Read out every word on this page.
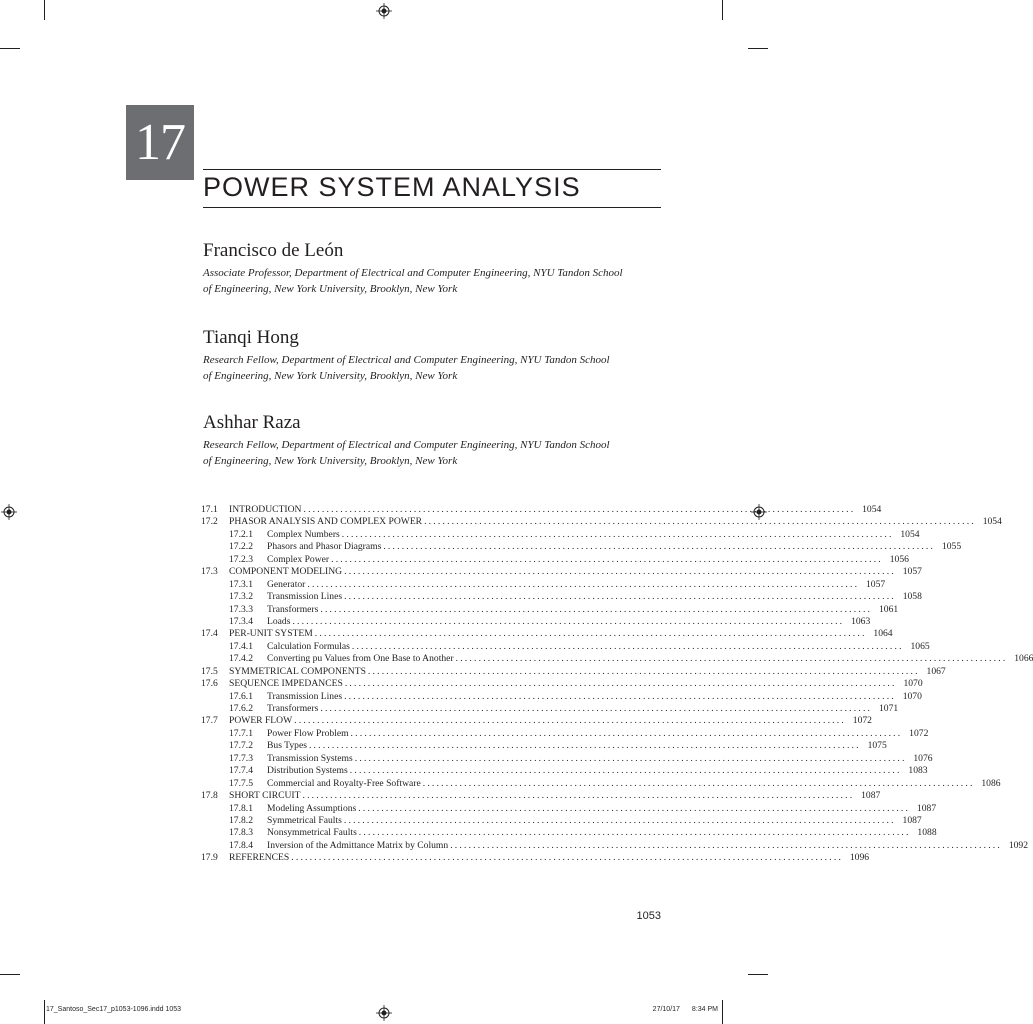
17
POWER SYSTEM ANALYSIS
Francisco de León
Associate Professor, Department of Electrical and Computer Engineering, NYU Tandon School
of Engineering, New York University, Brooklyn, New York
Tianqi Hong
Research Fellow, Department of Electrical and Computer Engineering, NYU Tandon School
of Engineering, New York University, Brooklyn, New York
Ashhar Raza
Research Fellow, Department of Electrical and Computer Engineering, NYU Tandon School
of Engineering, New York University, Brooklyn, New York
17.1 INTRODUCTION ........................................................................................................................ 1054
17.2 PHASOR ANALYSIS AND COMPLEX POWER ........................................................................................................................ 1054
17.2.1 Complex Numbers ........................................................................................................................ 1054
17.2.2 Phasors and Phasor Diagrams ........................................................................................................................ 1055
17.2.3 Complex Power ........................................................................................................................ 1056
17.3 COMPONENT MODELING ........................................................................................................................ 1057
17.3.1 Generator ........................................................................................................................ 1057
17.3.2 Transmission Lines ........................................................................................................................ 1058
17.3.3 Transformers ........................................................................................................................ 1061
17.3.4 Loads ........................................................................................................................ 1063
17.4 PER-UNIT SYSTEM ........................................................................................................................ 1064
17.4.1 Calculation Formulas ........................................................................................................................ 1065
17.4.2 Converting pu Values from One Base to Another ........................................................................................................................ 1066
17.5 SYMMETRICAL COMPONENTS ........................................................................................................................ 1067
17.6 SEQUENCE IMPEDANCES ........................................................................................................................ 1070
17.6.1 Transmission Lines ........................................................................................................................ 1070
17.6.2 Transformers ........................................................................................................................ 1071
17.7 POWER FLOW ........................................................................................................................ 1072
17.7.1 Power Flow Problem ........................................................................................................................ 1072
17.7.2 Bus Types ........................................................................................................................ 1075
17.7.3 Transmission Systems ........................................................................................................................ 1076
17.7.4 Distribution Systems ........................................................................................................................ 1083
17.7.5 Commercial and Royalty-Free Software ........................................................................................................................ 1086
17.8 SHORT CIRCUIT ........................................................................................................................ 1087
17.8.1 Modeling Assumptions ........................................................................................................................ 1087
17.8.2 Symmetrical Faults ........................................................................................................................ 1087
17.8.3 Nonsymmetrical Faults ........................................................................................................................ 1088
17.8.4 Inversion of the Admittance Matrix by Column ........................................................................................................................ 1092
17.9 REFERENCES ........................................................................................................................ 1096
1053
17_Santoso_Sec17_p1053-1096.indd 1053	27/10/17 8:34 PM
